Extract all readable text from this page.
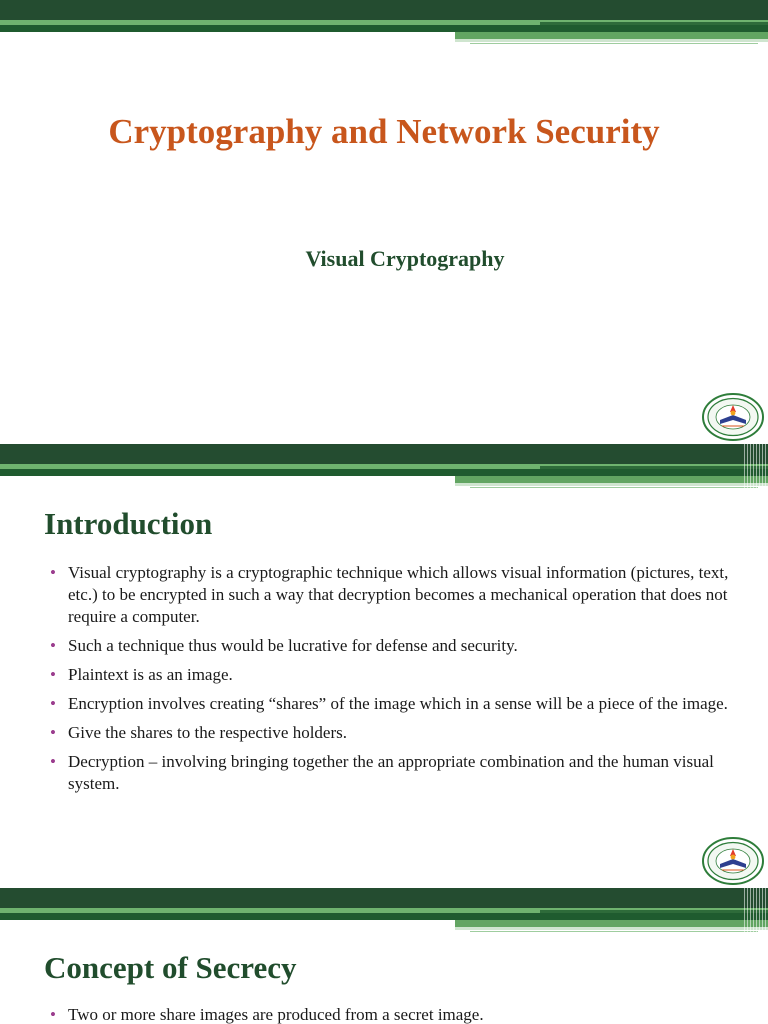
Cryptography and Network Security
Visual Cryptography
Introduction
• Visual cryptography is a cryptographic technique which allows visual information (pictures, text, etc.) to be encrypted in such a way that decryption becomes a mechanical operation that does not require a computer.
• Such a technique thus would be lucrative for defense and security.
• Plaintext is as an image.
• Encryption involves creating “shares” of the image which in a sense will be a piece of the image.
• Give the shares to the respective holders.
• Decryption – involving bringing together the an appropriate combination and the human visual system.
Concept of Secrecy
• Two or more share images are produced from a secret image.
